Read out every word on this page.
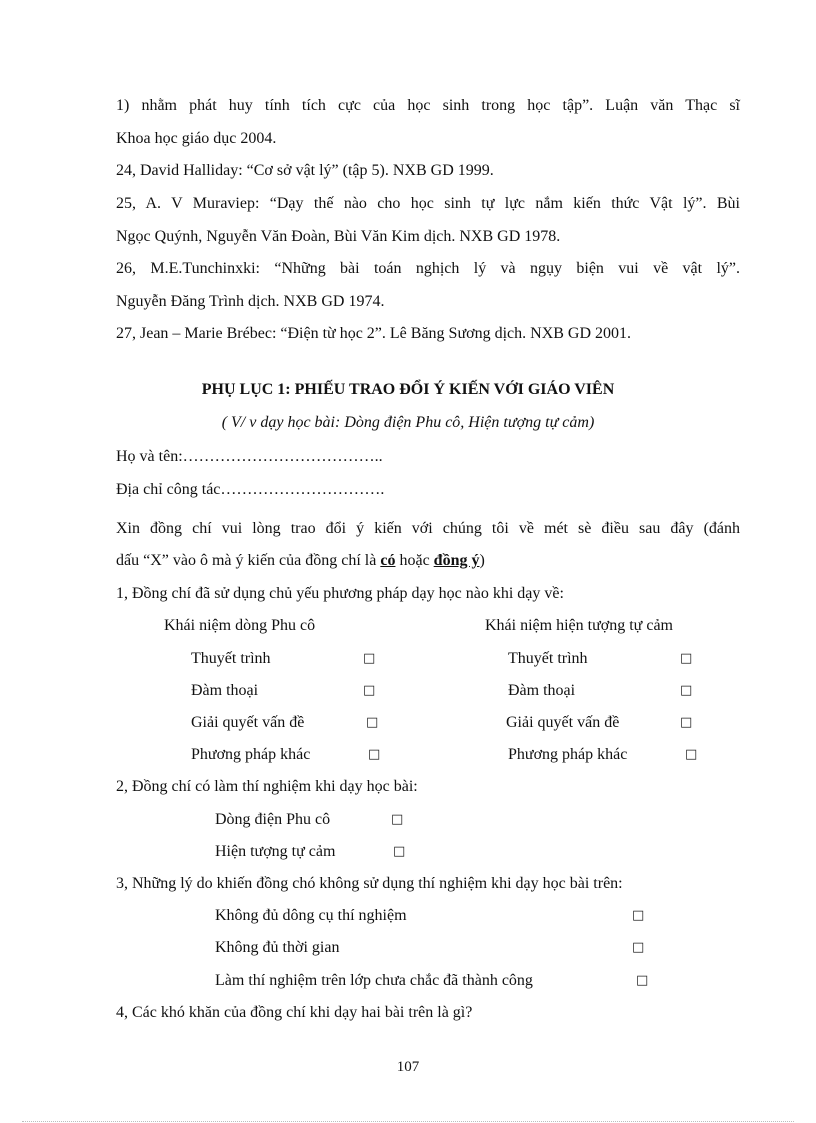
1) nhằm phát huy tính tích cực của học sinh trong học tập”. Luận văn Thạc sĩ
Khoa học giáo dục 2004.
24, David Halliday: “Cơ sở vật lý” (tập 5). NXB GD 1999.
25, A. V Muraviep: “Dạy thế nào cho học sinh tự lực nắm kiến thức Vật lý”. Bùi
Ngọc Quýnh, Nguyễn Văn Đoàn, Bùi Văn Kim dịch. NXB GD 1978.
26, M.E.Tunchinxki: “Những bài toán nghịch lý và ngụy biện vui về vật lý”.
Nguyễn Đăng Trình dịch. NXB GD 1974.
27, Jean – Marie Brébec: “Điện từ học 2”. Lê Băng Sương dịch. NXB GD 2001.
PHỤ LỤC 1: PHIẾU TRAO ĐỔI Ý KIẾN VỚI GIÁO VIÊN
( V/ v dạy học bài: Dòng điện Phu cô, Hiện tượng tự cảm)
Họ và tên:………………………………..
Địa chỉ công tác………………………….
Xin đồng chí vui lòng trao đổi ý kiến với chúng tôi về mét sè điều sau đây (đánh
dấu “X” vào ô mà ý kiến của đồng chí là có hoặc đồng ý)
1, Đồng chí đã sử dụng chủ yếu phương pháp dạy học nào khi dạy về:
Khái niệm dòng Phu cô	Khái niệm hiện tượng tự cảm
Thuyết trình	□	Thuyết trình	□
Đàm thoại	□	Đàm thoại	□
Giải quyết vấn đề	□	Giải quyết vấn đề	□
Phương pháp khác	□	Phương pháp khác	□
2, Đồng chí có làm thí nghiệm khi dạy học bài:
Dòng điện Phu cô	□
Hiện tượng tự cảm	□
3, Những lý do khiến đồng chó không sử dụng thí nghiệm khi dạy học bài trên:
Không đủ dông cụ thí nghiệm	□
Không đủ thời gian	□
Làm thí nghiệm trên lớp chưa chắc đã thành công	□
4, Các khó khăn của đồng chí khi dạy hai bài trên là gì?
107
